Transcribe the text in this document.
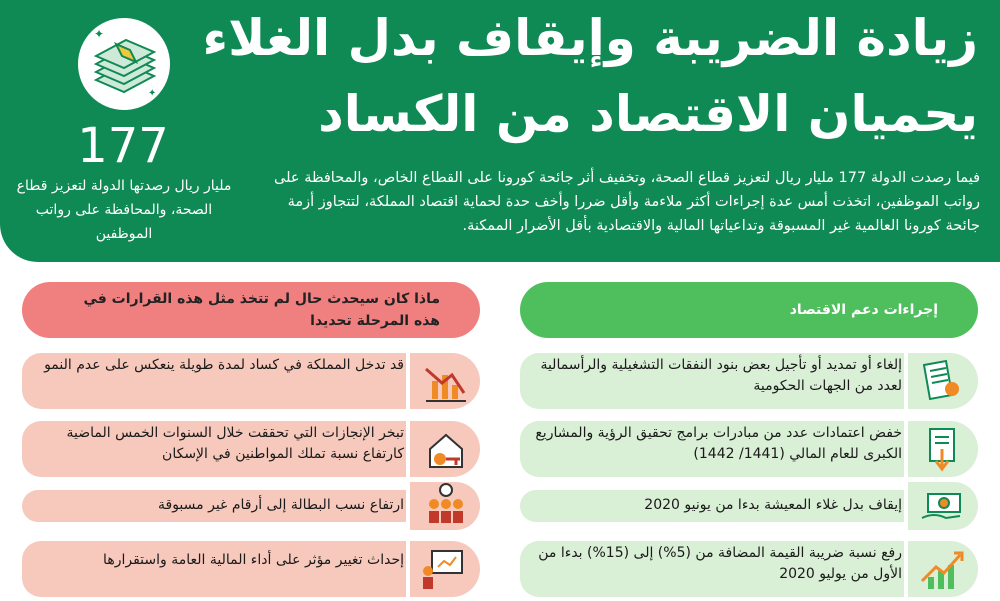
زيادة الضريبة وإيقاف بدل الغلاء
يحميان الاقتصاد من الكساد
✦
✦
177

مليار ريال رصدتها الدولة لتعزيز قطاع الصحة، والمحافظة على رواتب الموظفين

فيما رصدت الدولة 177 مليار ريال لتعزيز قطاع الصحة، وتخفيف أثر جائحة كورونا على القطاع الخاص، والمحافظة على رواتب الموظفين، اتخذت أمس عدة إجراءات أكثر ملاءمة وأقل ضررا وأخف حدة لحماية اقتصاد المملكة، لتتجاوز أزمة جائحة كورونا العالمية غير المسبوقة وتداعياتها المالية والاقتصادية بأقل الأضرار الممكنة.

إجراءات دعم الاقتصاد

إلغاء أو تمديد أو تأجيل بعض بنود النفقات التشغيلية والرأسمالية لعدد من الجهات الحكومية

خفض اعتمادات عدد من مبادرات برامج تحقيق الرؤية والمشاريع الكبرى للعام المالي (1441/ 1442)

إيقاف بدل غلاء المعيشة بدءا من يونيو 2020

رفع نسبة ضريبة القيمة المضافة من (5%) إلى (15%) بدءا من الأول من يوليو 2020

ماذا كان سيحدث حال لم تتخذ مثل هذه القرارات في هذه المرحلة تحديدا

قد تدخل المملكة في كساد لمدة طويلة ينعكس على عدم النمو

تبخر الإنجازات التي تحققت خلال السنوات الخمس الماضية كارتفاع نسبة تملك المواطنين في الإسكان

ارتفاع نسب البطالة إلى أرقام غير مسبوقة

إحداث تغيير مؤثر على أداء المالية العامة واستقرارها
